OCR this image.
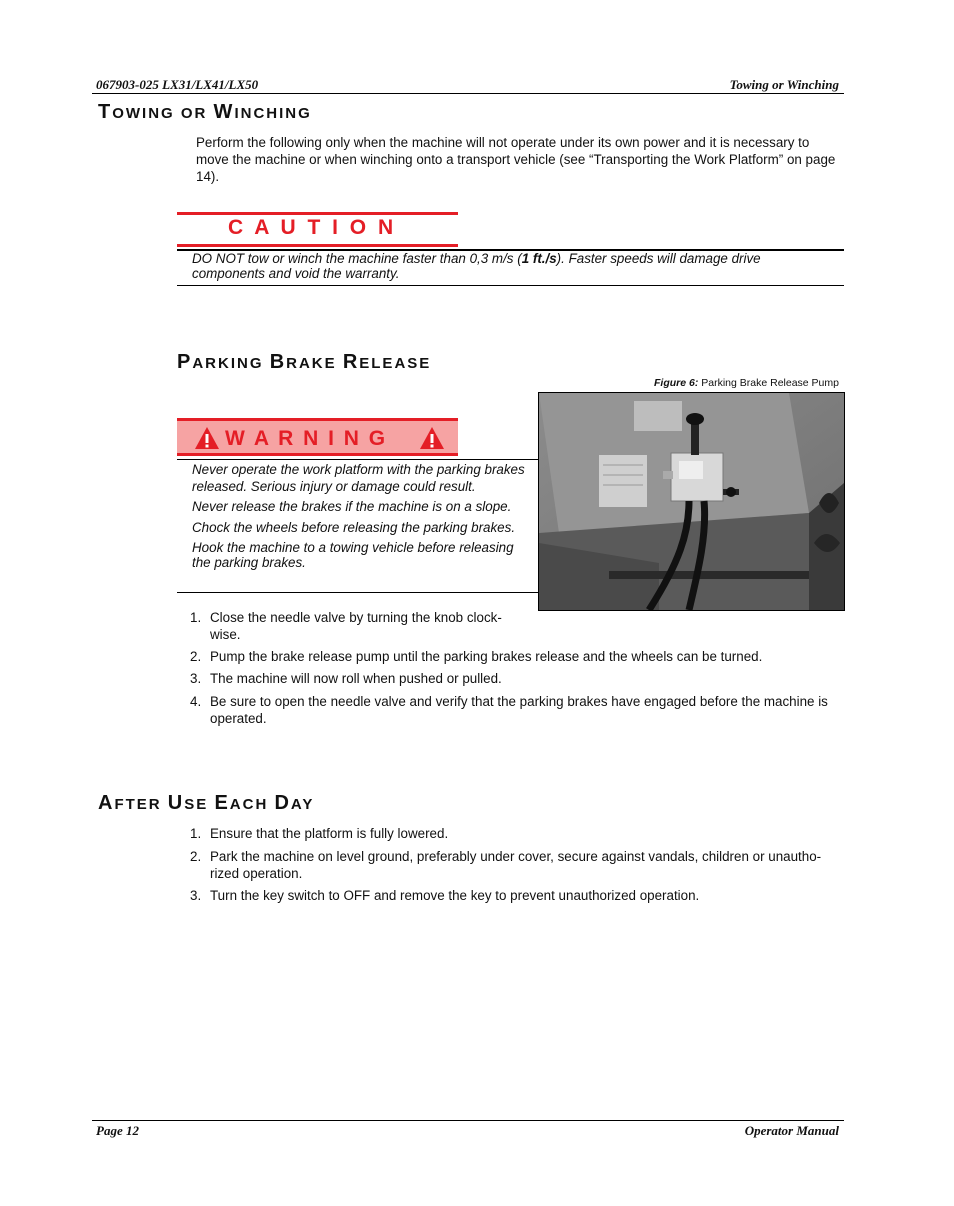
067903-025 LX31/LX41/LX50	Towing or Winching
TOWING OR WINCHING
Perform the following only when the machine will not operate under its own power and it is necessary to move the machine or when winching onto a transport vehicle (see “Transporting the Work Platform” on page 14).
C A U T I O N
DO NOT tow or winch the machine faster than 0,3 m/s (1 ft./s). Faster speeds will damage drive components and void the warranty.
PARKING BRAKE RELEASE
Figure 6: Parking Brake Release Pump
W A R N I N G
Never operate the work platform with the parking brakes released. Serious injury or damage could result.
Never release the brakes if the machine is on a slope.
Chock the wheels before releasing the parking brakes.
Hook the machine to a towing vehicle before releasing the parking brakes.
1. Close the needle valve by turning the knob clock-wise.
2. Pump the brake release pump until the parking brakes release and the wheels can be turned.
3. The machine will now roll when pushed or pulled.
4. Be sure to open the needle valve and verify that the parking brakes have engaged before the machine is operated.
AFTER USE EACH DAY
1. Ensure that the platform is fully lowered.
2. Park the machine on level ground, preferably under cover, secure against vandals, children or unautho-rized operation.
3. Turn the key switch to OFF and remove the key to prevent unauthorized operation.
Page 12	Operator Manual
